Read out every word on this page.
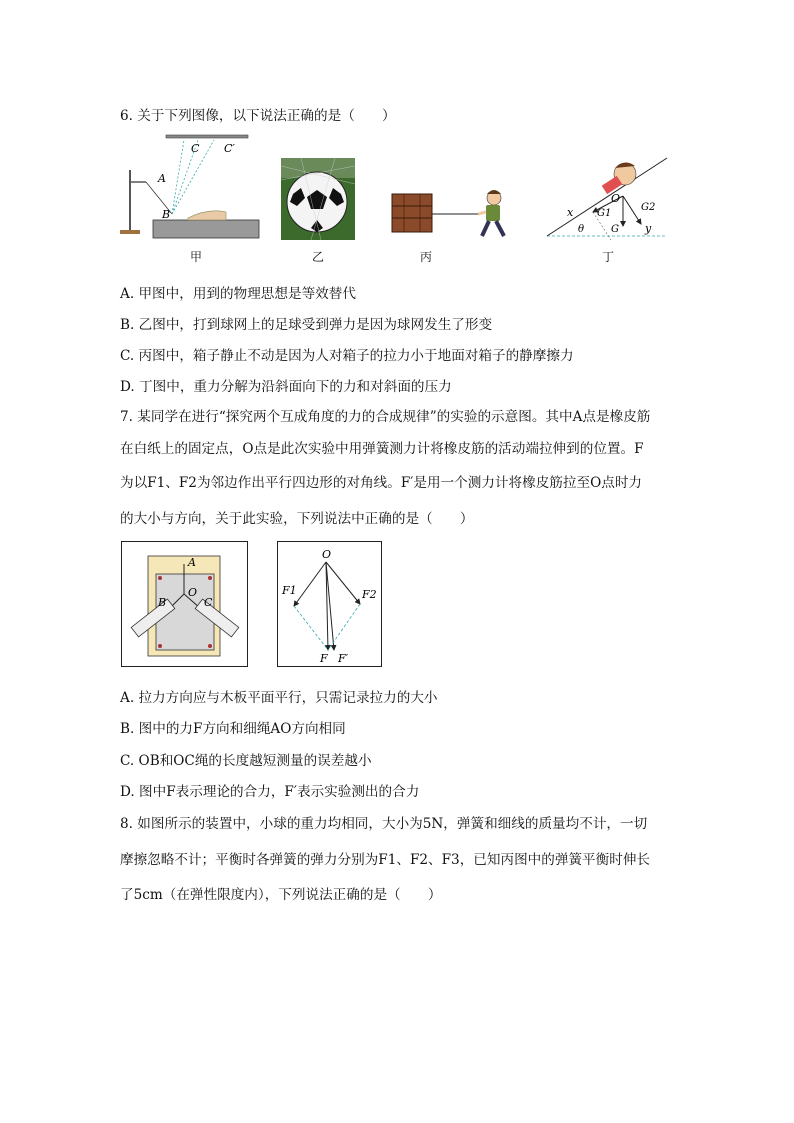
6. 关于下列图像，以下说法正确的是（　　）
C C′
A
B
甲	乙	丙
x
θ
O
G1
G2
G y
丁
A. 甲图中，用到的物理思想是等效替代
B. 乙图中，打到球网上的足球受到弹力是因为球网发生了形变
C. 丙图中，箱子静止不动是因为人对箱子的拉力小于地面对箱子的静摩擦力
D. 丁图中，重力分解为沿斜面向下的力和对斜面的压力
7. 某同学在进行“探究两个互成角度的力的合成规律”的实验的示意图。其中A点是橡皮筋
在白纸上的固定点，O点是此次实验中用弹簧测力计将橡皮筋的活动端拉伸到的位置。F
为以F1、F2为邻边作出平行四边形的对角线。F′是用一个测力计将橡皮筋拉至O点时力
的大小与方向，关于此实验，下列说法中正确的是（　　）
A
B
O
C
O
F1	F2
F F′
A. 拉力方向应与木板平面平行，只需记录拉力的大小
B. 图中的力F方向和细绳AO方向相同
C. OB和OC绳的长度越短测量的误差越小
D. 图中F表示理论的合力，F′表示实验测出的合力
8. 如图所示的装置中，小球的重力均相同，大小为5N，弹簧和细线的质量均不计，一切
摩擦忽略不计；平衡时各弹簧的弹力分别为F1、F2、F3，已知丙图中的弹簧平衡时伸长
了5cm（在弹性限度内），下列说法正确的是（　　）
